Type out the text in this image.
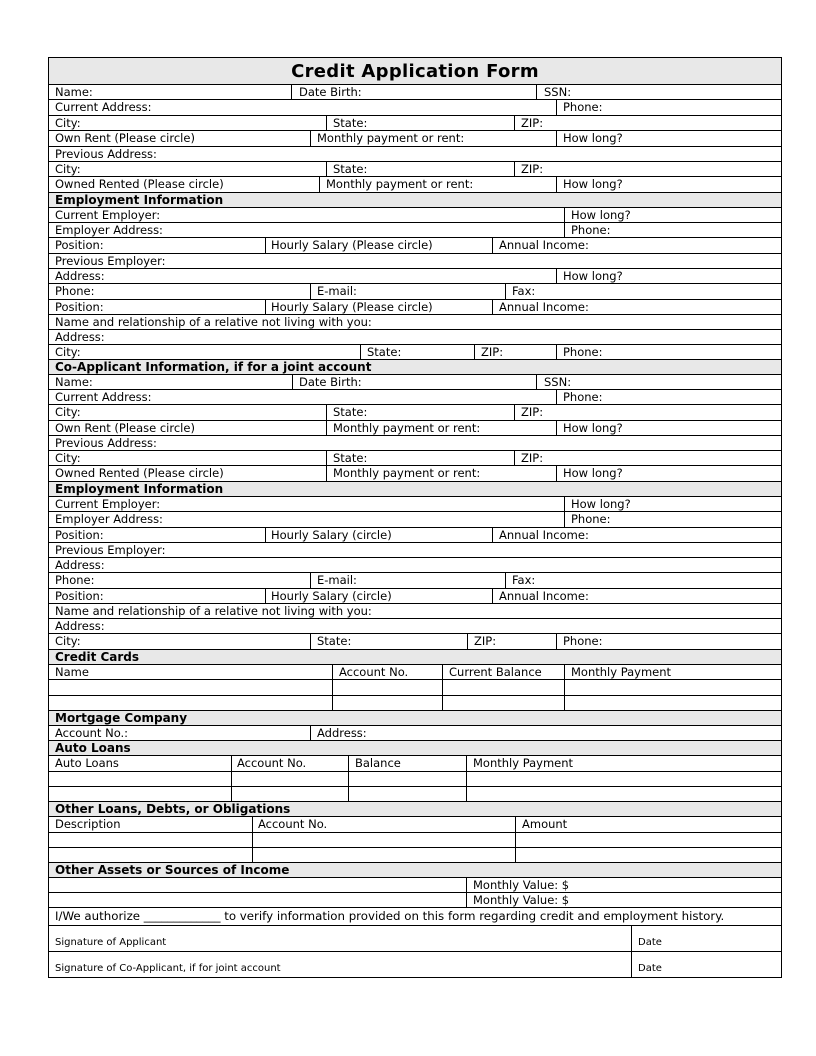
Credit Application Form
Name:	Date Birth:	SSN:
Current Address:	Phone:
City:	State:	ZIP:
Own Rent (Please circle)	Monthly payment or rent:	How long?
Previous Address:
City:	State:	ZIP:
Owned Rented (Please circle)	Monthly payment or rent:	How long?
Employment Information
Current Employer:	How long?
Employer Address:	Phone:
Position:	Hourly Salary (Please circle)	Annual Income:
Previous Employer:
Address:	How long?
Phone:	E-mail:	Fax:
Position:	Hourly Salary (Please circle)	Annual Income:
Name and relationship of a relative not living with you:
Address:
City:	State:	ZIP:	Phone:
Co-Applicant Information, if for a joint account
Name:	Date Birth:	SSN:
Current Address:	Phone:
City:	State:	ZIP:
Own Rent (Please circle)	Monthly payment or rent:	How long?
Previous Address:
City:	State:	ZIP:
Owned Rented (Please circle)	Monthly payment or rent:	How long?
Employment Information
Current Employer:	How long?
Employer Address:	Phone:
Position:	Hourly Salary (circle)	Annual Income:
Previous Employer:
Address:
Phone:	E-mail:	Fax:
Position:	Hourly Salary (circle)	Annual Income:
Name and relationship of a relative not living with you:
Address:
City:	State:	ZIP:	Phone:
Credit Cards
Name	Account No.	Current Balance	Monthly Payment
Mortgage Company
Account No.:	Address:
Auto Loans
Auto Loans	Account No.	Balance	Monthly Payment
Other Loans, Debts, or Obligations
Description	Account No.	Amount
Other Assets or Sources of Income
Monthly Value: $
Monthly Value: $
I/We authorize _____________ to verify information provided on this form regarding credit and employment history.
Signature of Applicant	Date
Signature of Co-Applicant, if for joint account	Date
